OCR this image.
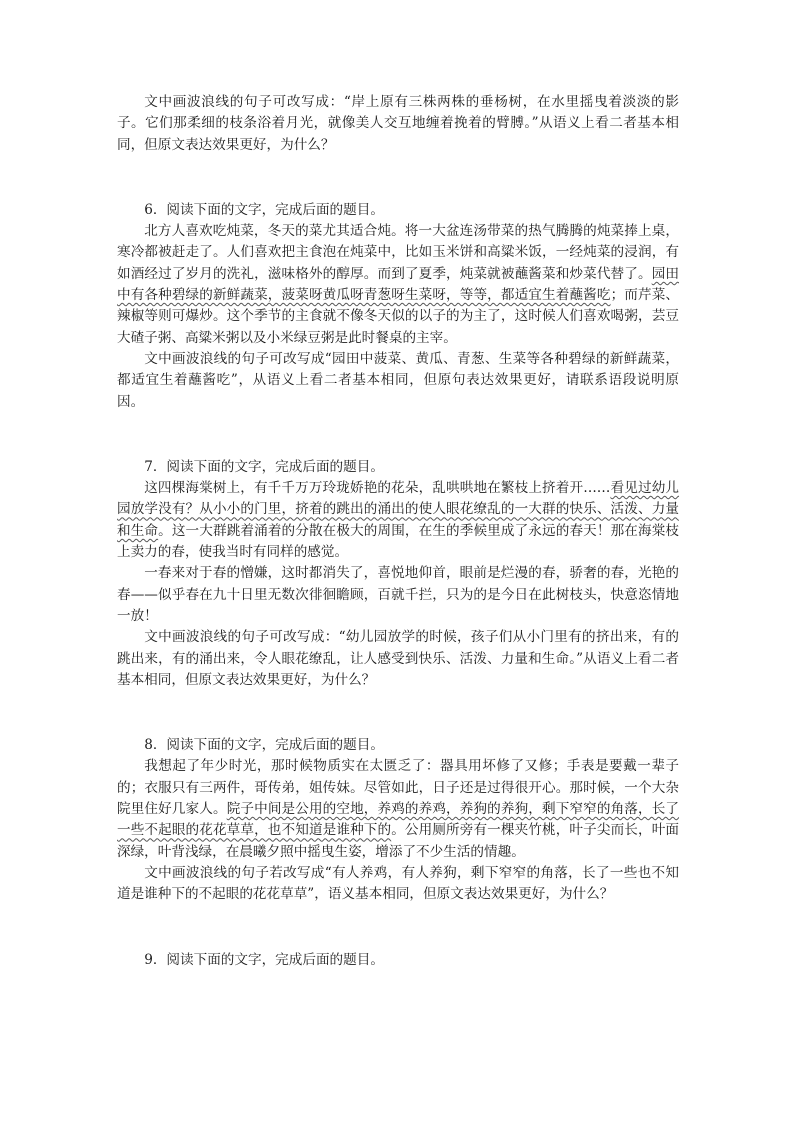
文中画波浪线的句子可改写成：“岸上原有三株两株的垂杨树，在水里摇曳着淡淡的影子。它们那柔细的枝条浴着月光，就像美人交互地缠着挽着的臂膊。”从语义上看二者基本相同，但原文表达效果更好，为什么？

6．阅读下面的文字，完成后面的题目。

北方人喜欢吃炖菜，冬天的菜尤其适合炖。将一大盆连汤带菜的热气腾腾的炖菜捧上桌，寒冷都被赶走了。人们喜欢把主食泡在炖菜中，比如玉米饼和高粱米饭，一经炖菜的浸润，有如酒经过了岁月的洗礼，滋味格外的醇厚。而到了夏季，炖菜就被蘸酱菜和炒菜代替了。园田中有各种碧绿的新鲜蔬菜，菠菜呀黄瓜呀青葱呀生菜呀，等等，都适宜生着蘸酱吃；而芹菜、辣椒等则可爆炒。这个季节的主食就不像冬天似的以子的为主了，这时候人们喜欢喝粥，芸豆大碴子粥、高粱米粥以及小米绿豆粥是此时餐桌的主宰。

文中画波浪线的句子可改写成“园田中菠菜、黄瓜、青葱、生菜等各种碧绿的新鲜蔬菜，都适宜生着蘸酱吃”，从语义上看二者基本相同，但原句表达效果更好，请联系语段说明原因。

7．阅读下面的文字，完成后面的题目。

这四棵海棠树上，有千千万万玲珑娇艳的花朵，乱哄哄地在繁枝上挤着开……看见过幼儿园放学没有？从小小的门里，挤着的跳出的涌出的使人眼花缭乱的一大群的快乐、活泼、力量和生命。这一大群跳着涌着的分散在极大的周围，在生的季候里成了永远的春天！那在海棠枝上卖力的春，使我当时有同样的感觉。

一春来对于春的憎嫌，这时都消失了，喜悦地仰首，眼前是烂漫的春，骄奢的春，光艳的春——似乎春在九十日里无数次徘徊瞻顾，百就千拦，只为的是今日在此树枝头，快意恣情地一放！

文中画波浪线的句子可改写成：“幼儿园放学的时候，孩子们从小门里有的挤出来，有的跳出来，有的涌出来，令人眼花缭乱，让人感受到快乐、活泼、力量和生命。”从语义上看二者基本相同，但原文表达效果更好，为什么？

8．阅读下面的文字，完成后面的题目。

我想起了年少时光，那时候物质实在太匮乏了：器具用坏修了又修；手表是要戴一辈子的；衣服只有三两件，哥传弟，姐传妹。尽管如此，日子还是过得很开心。那时候，一个大杂院里住好几家人。院子中间是公用的空地，养鸡的养鸡，养狗的养狗，剩下窄窄的角落，长了一些不起眼的花花草草，也不知道是谁种下的。公用厕所旁有一棵夹竹桃，叶子尖而长，叶面深绿，叶背浅绿，在晨曦夕照中摇曳生姿，增添了不少生活的情趣。

文中画波浪线的句子若改写成“有人养鸡，有人养狗，剩下窄窄的角落，长了一些也不知道是谁种下的不起眼的花花草草”，语义基本相同，但原文表达效果更好，为什么？

9．阅读下面的文字，完成后面的题目。
